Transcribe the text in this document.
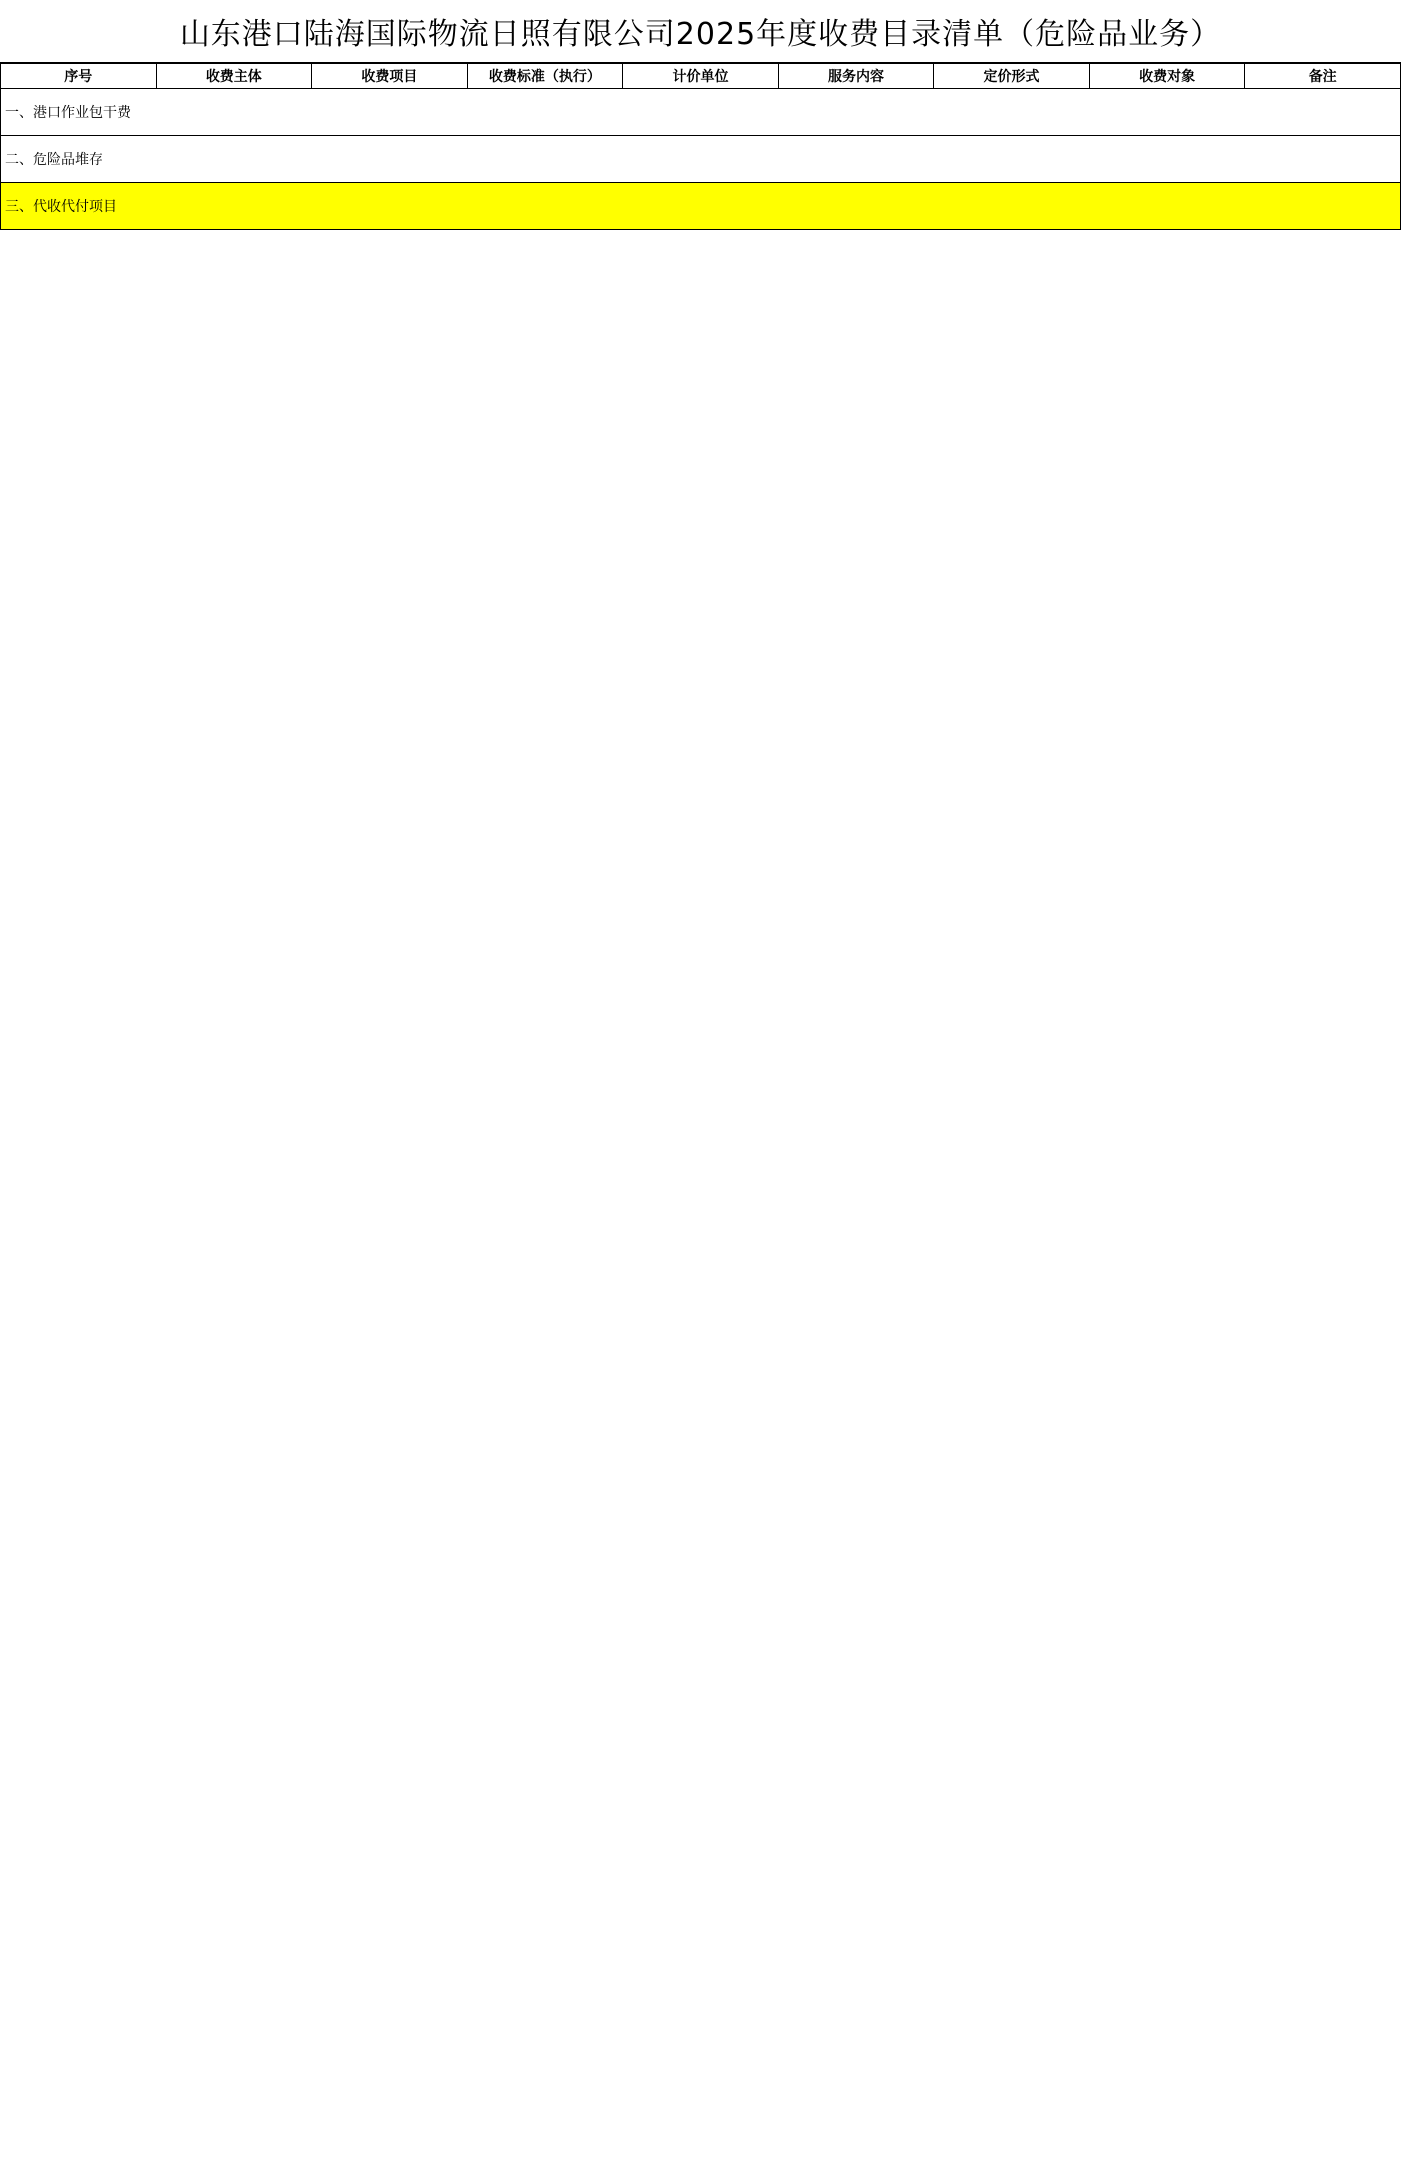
山东港口陆海国际物流日照有限公司2025年度收费目录清单（危险品业务）
序号	收费主体	收费项目	收费标准（执行）	计价单位	服务内容	定价形式	收费对象	备注
一、港口作业包干费
二、危险品堆存
三、代收代付项目
